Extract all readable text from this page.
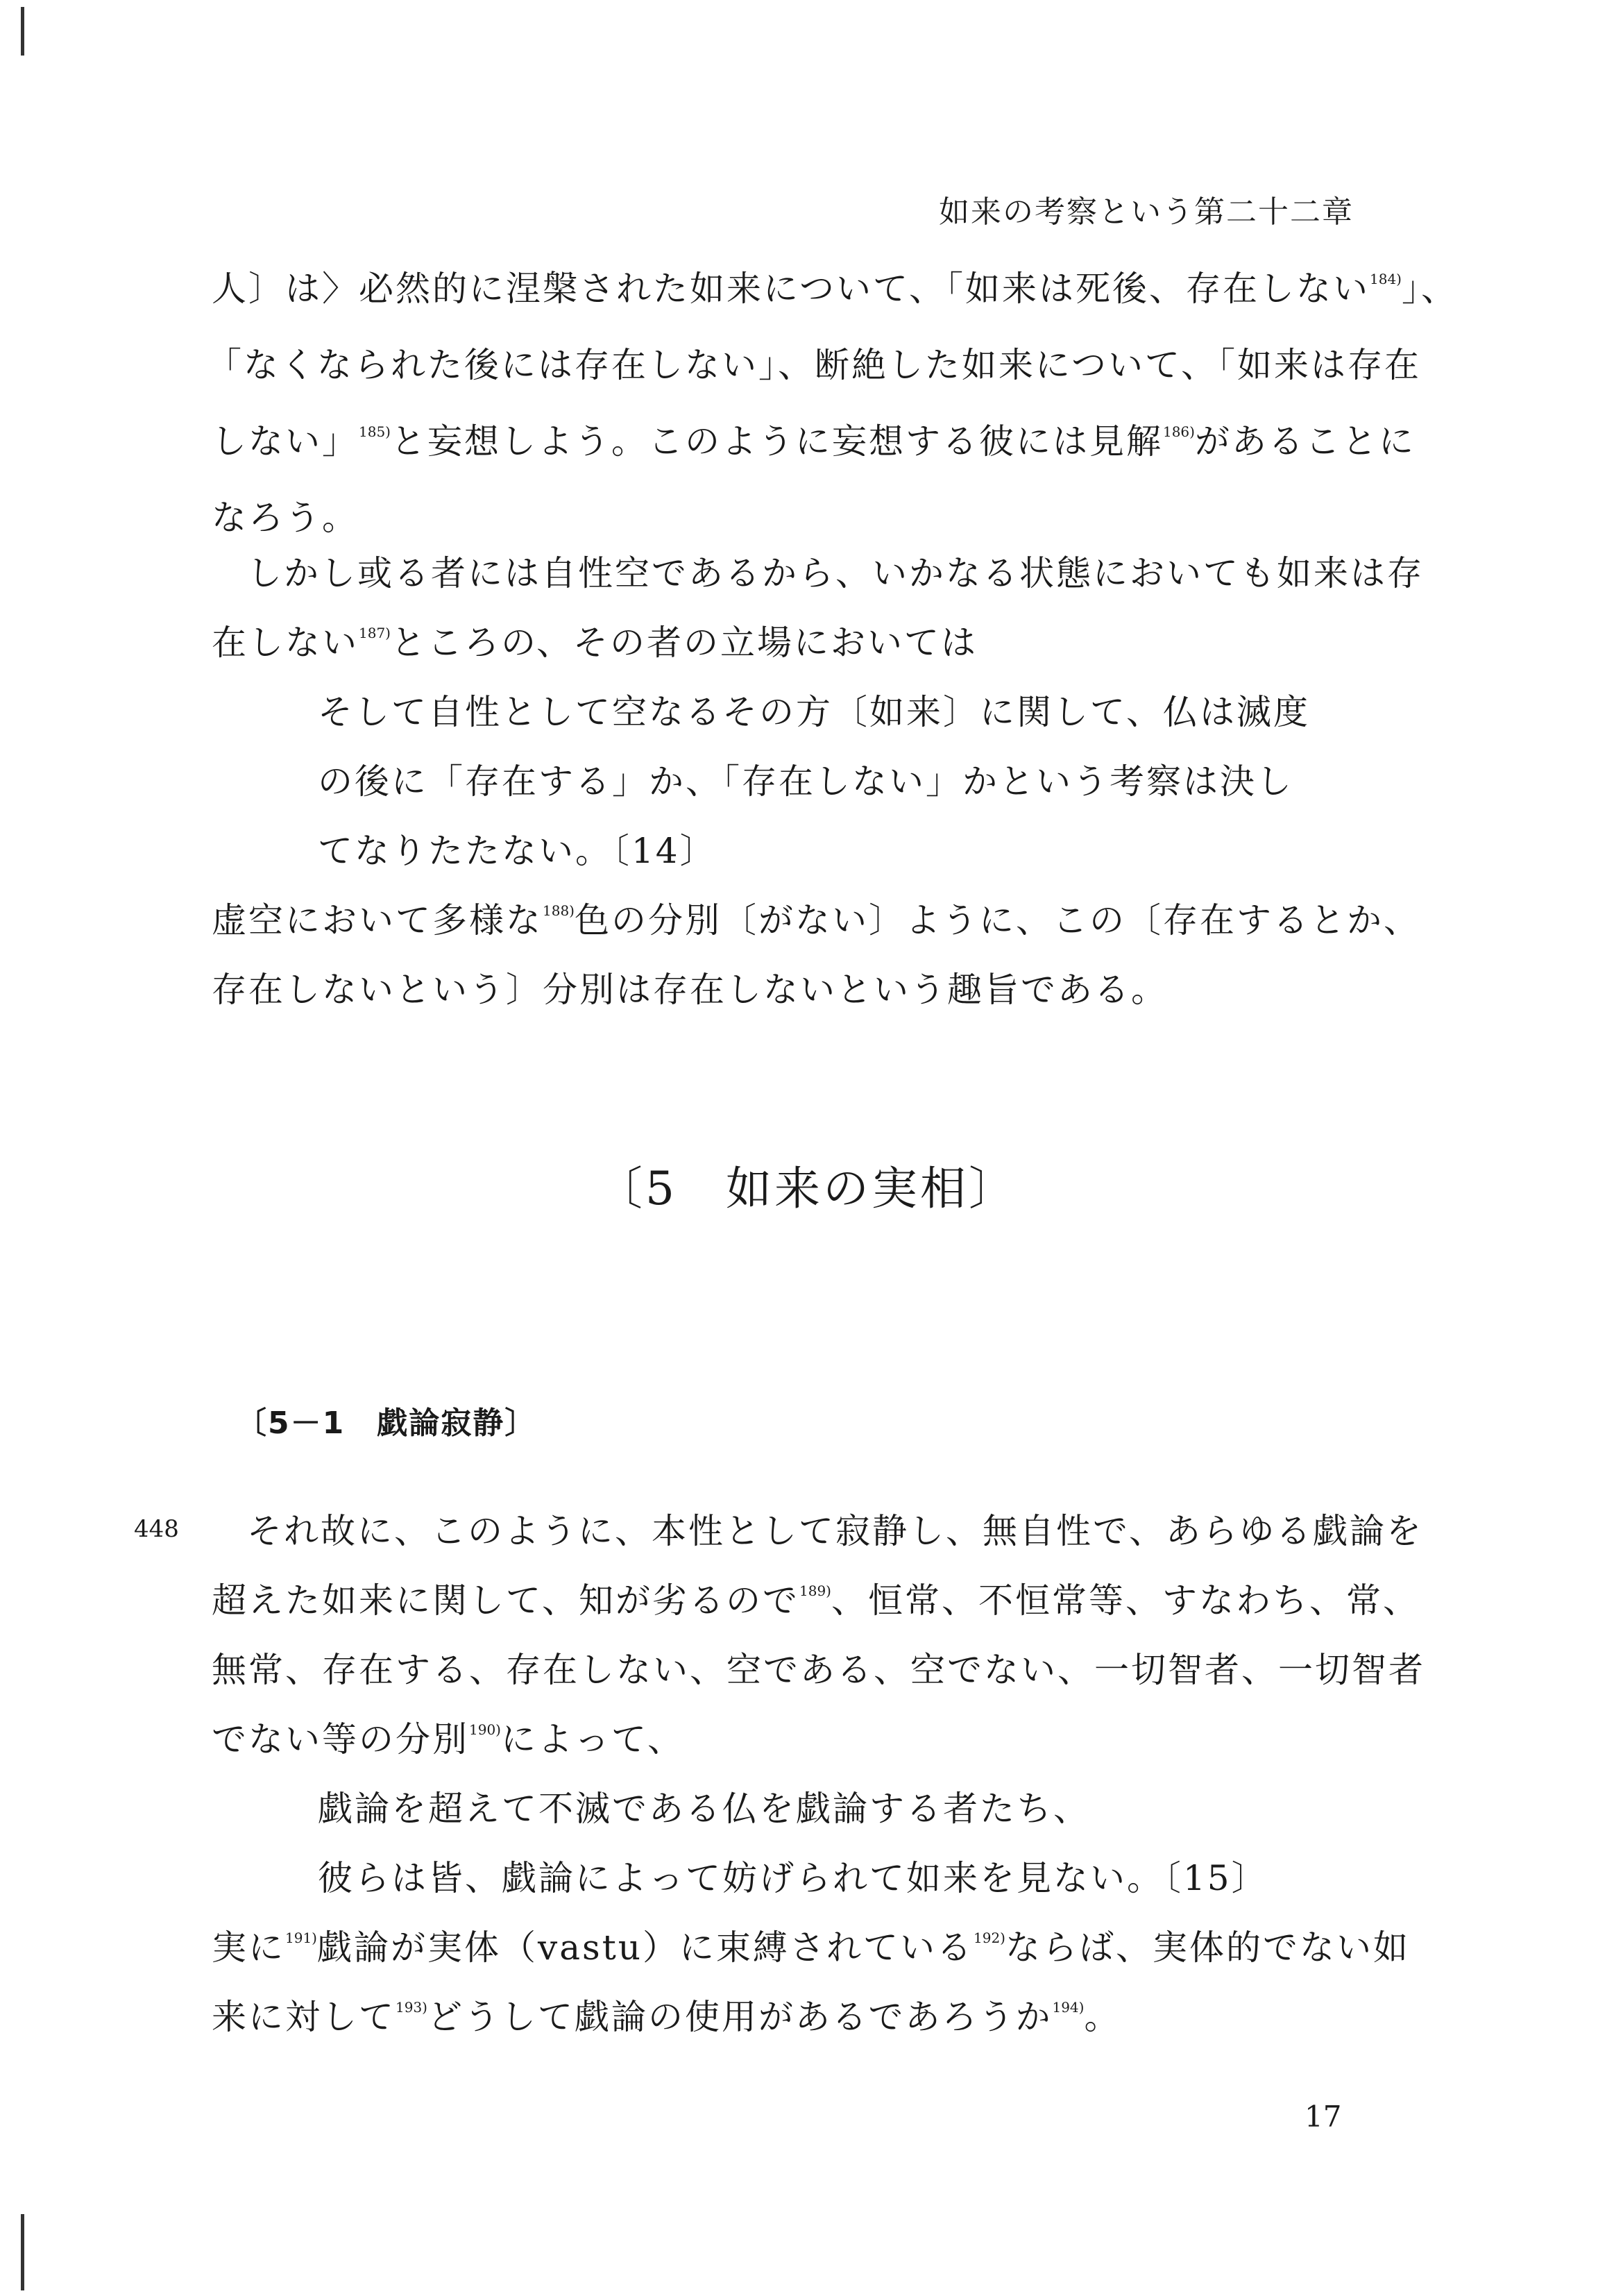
如来の考察という第二十二章
人〕は〉必然的に涅槃された如来について、「如来は死後、存在しない$^{184)}$」、
「なくなられた後には存在しない」、断絶した如来について、「如来は存在
しない」$^{185)}$と妄想しよう。このように妄想する彼には見解$^{186)}$があることに
なろう。
しかし或る者には自性空であるから、いかなる状態においても如来は存
在しない$^{187)}$ところの、その者の立場においては
そして自性として空なるその方〔如来〕に関して、仏は滅度
の後に「存在する」か、「存在しない」かという考察は決し
てなりたたない。〔14〕
虚空において多様な$^{188)}$色の分別〔がない〕ように、この〔存在するとか、
存在しないという〕分別は存在しないという趣旨である。
〔5　如来の実相〕
〔5－1　戯論寂静〕
448 それ故に、このように、本性として寂静し、無自性で、あらゆる戯論を
超えた如来に関して、知が劣るので$^{189)}$、恒常、不恒常等、すなわち、常、
無常、存在する、存在しない、空である、空でない、一切智者、一切智者
でない等の分別$^{190)}$によって、
戯論を超えて不滅である仏を戯論する者たち、
彼らは皆、戯論によって妨げられて如来を見ない。〔15〕
実に$^{191)}$戯論が実体（vastu）に束縛されている$^{192)}$ならば、実体的でない如
来に対して$^{193)}$どうして戯論の使用があるであろうか$^{194)}$。
17
